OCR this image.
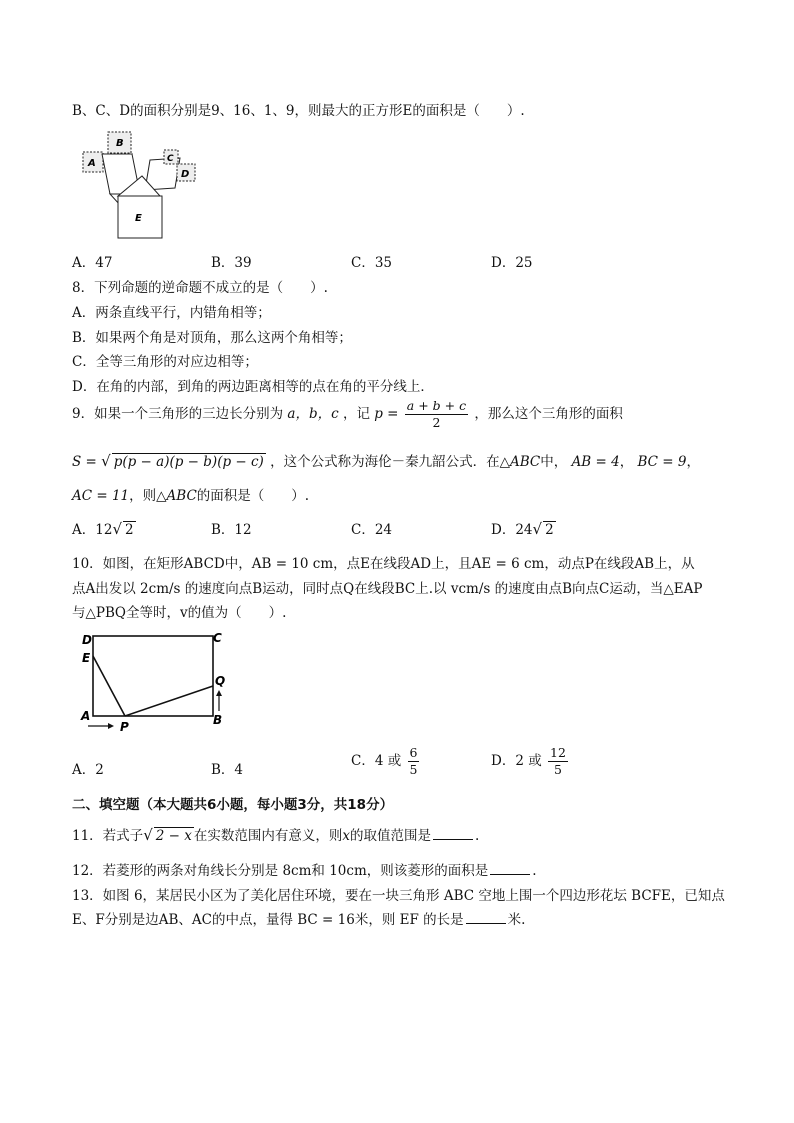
B、C、D的面积分别是9、16、1、9，则最大的正方形E的面积是（　　）.
B
A	C
D
E
A．47	B．39	C．35	D．25
8．下列命题的逆命题不成立的是（　　）.
A．两条直线平行，内错角相等；
B．如果两个角是对顶角，那么这两个角相等；
C．全等三角形的对应边相等；
D．在角的内部，到角的两边距离相等的点在角的平分线上．
9．如果一个三角形的三边长分别为 a，b，c ，记 $p = \frac{a + b + c}{2}$ ，那么这个三角形的面积
S = √ p(p − a)(p − b)(p − c) ，这个公式称为海伦－秦九韶公式．在△ABC中， AB = 4， BC = 9，
AC = 11，则△ABC的面积是（　　）.
A．12√ 2	B．12	C．24	D．24√ 2
10．如图，在矩形ABCD中，AB = 10 cm，点E在线段AD上，且AE = 6 cm，动点P在线段AB上，从
点A出发以 2cm/s 的速度向点B运动，同时点Q在线段BC上.以 vcm/s 的速度由点B向点C运动，当△EAP
与△PBQ全等时，v的值为（　　）.
D	C
E
Q
A
P	B
A．2	B．4
C．4 或 $\frac{6}{5}$	D．2 或 $\frac{12}{5}$
二、填空题（本大题共6小题，每小题3分，共18分）
11．若式子√ 2 − x 在实数范围内有意义，则x的取值范围是	.
12．若菱形的两条对角线长分别是 8cm和 10cm，则该菱形的面积是	.
13．如图 6，某居民小区为了美化居住环境，要在一块三角形 ABC 空地上围一个四边形花坛 BCFE，已知点
E、F分别是边AB、AC的中点，量得 BC = 16米，则 EF 的长是	米.
